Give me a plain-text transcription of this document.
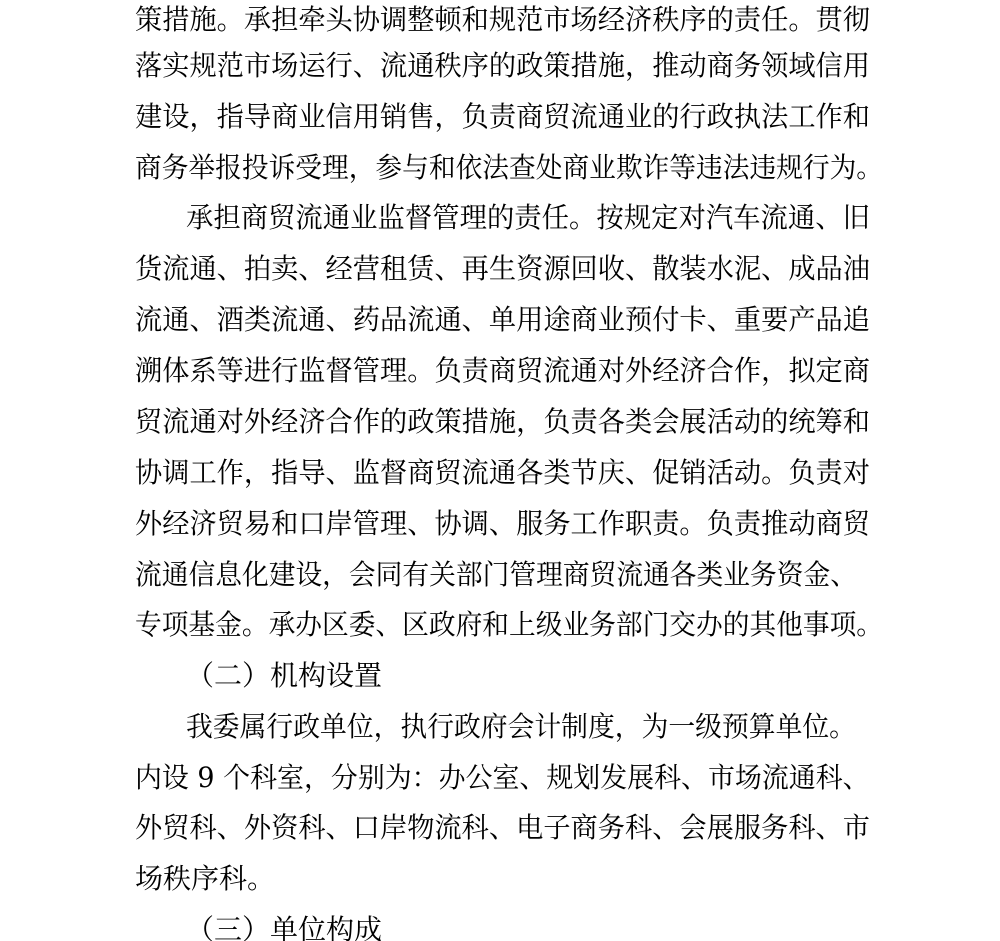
策措施。承担牵头协调整顿和规范市场经济秩序的责任。贯彻
落实规范市场运行、流通秩序的政策措施，推动商务领域信用
建设，指导商业信用销售，负责商贸流通业的行政执法工作和
商务举报投诉受理，参与和依法查处商业欺诈等违法违规行为。
承担商贸流通业监督管理的责任。按规定对汽车流通、旧
货流通、拍卖、经营租赁、再生资源回收、散装水泥、成品油
流通、酒类流通、药品流通、单用途商业预付卡、重要产品追
溯体系等进行监督管理。负责商贸流通对外经济合作，拟定商
贸流通对外经济合作的政策措施，负责各类会展活动的统筹和
协调工作，指导、监督商贸流通各类节庆、促销活动。负责对
外经济贸易和口岸管理、协调、服务工作职责。负责推动商贸
流通信息化建设，会同有关部门管理商贸流通各类业务资金、
专项基金。承办区委、区政府和上级业务部门交办的其他事项。
（二）机构设置
我委属行政单位，执行政府会计制度，为一级预算单位。
内设 9 个科室，分别为：办公室、规划发展科、市场流通科、
外贸科、外资科、口岸物流科、电子商务科、会展服务科、市
场秩序科。
（三）单位构成
